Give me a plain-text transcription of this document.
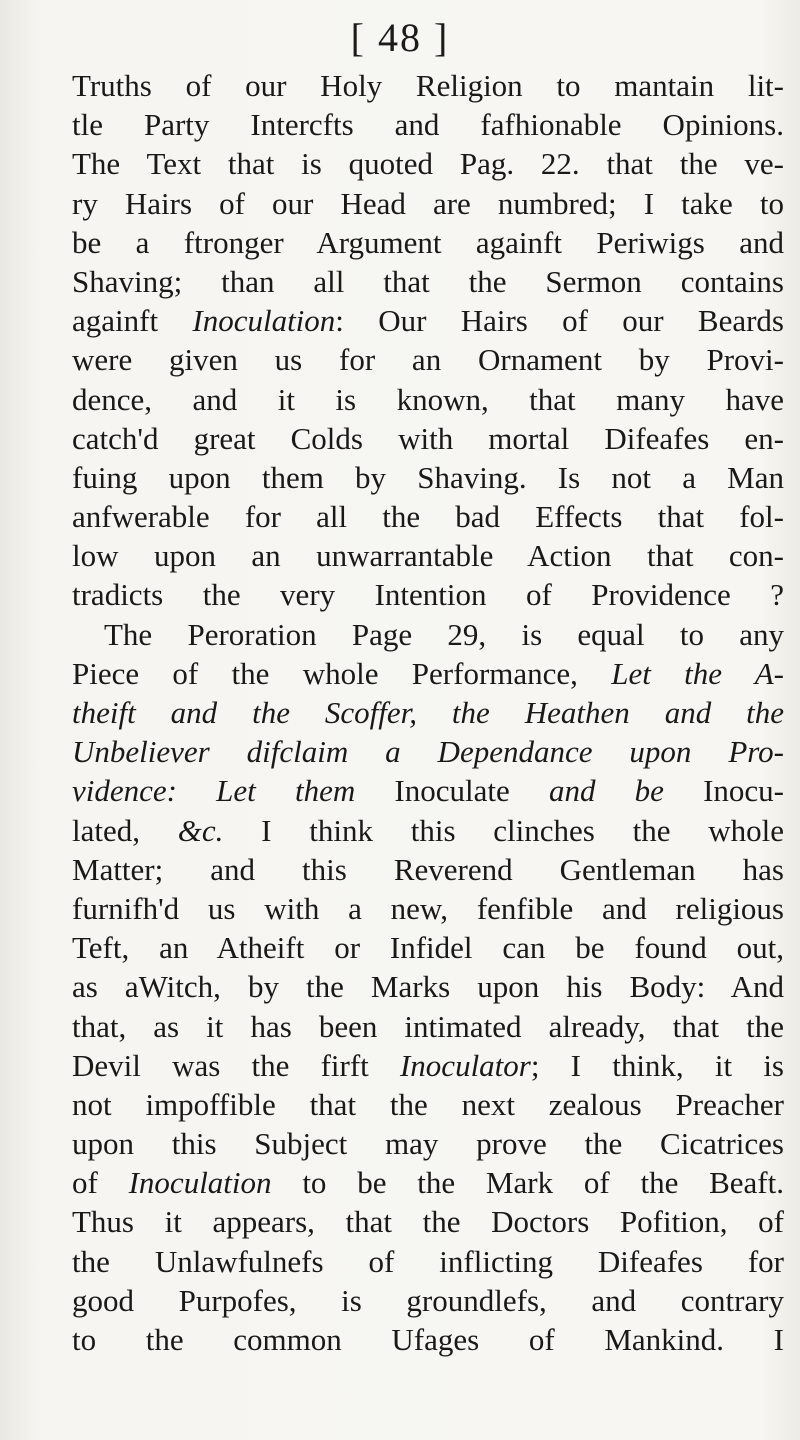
[ 48 ]
Truths of our Holy Religion to mantain lit-
tle Party Intercfts and fafhionable Opinions.
The Text that is quoted Pag. 22. that the ve-
ry Hairs of our Head are numbred; I take to
be a ftronger Argument againft Periwigs and
Shaving; than all that the Sermon contains
againft Inoculation: Our Hairs of our Beards
were given us for an Ornament by Provi-
dence, and it is known, that many have
catch'd great Colds with mortal Difeafes en-
fuing upon them by Shaving. Is not a Man
anfwerable for all the bad Effects that fol-
low upon an unwarrantable Action that con-
tradicts the very Intention of Providence ?
The Peroration Page 29, is equal to any
Piece of the whole Performance, Let the A-
theift and the Scoffer, the Heathen and the
Unbeliever difclaim a Dependance upon Pro-
vidence: Let them Inoculate and be Inocu-
lated, &c. I think this clinches the whole
Matter; and this Reverend Gentleman has
furnifh'd us with a new, fenfible and religious
Teft, an Atheift or Infidel can be found out,
as aWitch, by the Marks upon his Body: And
that, as it has been intimated already, that the
Devil was the firft Inoculator; I think, it is
not impoffible that the next zealous Preacher
upon this Subject may prove the Cicatrices
of Inoculation to be the Mark of the Beaft.
Thus it appears, that the Doctors Pofition, of
the Unlawfulnefs of inflicting Difeafes for
good Purpofes, is groundlefs, and contrary
to the common Ufages of Mankind. I
